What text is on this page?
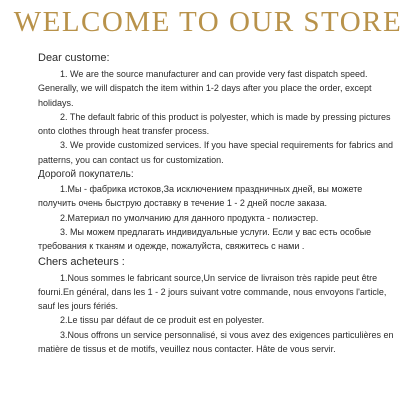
WELCOME TO OUR STORE

Dear custome:

1. We are the source manufacturer and can provide very fast dispatch speed. Generally, we will dispatch the item within 1-2 days after you place the order, except holidays.

2. The default fabric of this product is polyester, which is made by pressing pictures onto clothes through heat transfer process.

3. We provide customized services. If you have special requirements for fabrics and patterns, you can contact us for customization.

Дорогой покупатель:

1.Мы - фабрика истоков,За исключением праздничных дней, вы можете получить очень быструю доставку в течение 1 - 2 дней после заказа.

2.Материал по умолчанию для данного продукта - полиэстер.

3. Мы можем предлагать индивидуальные услуги. Если у вас есть особые требования к тканям и одежде, пожалуйста, свяжитесь с нами .

Chers acheteurs :

1.Nous sommes le fabricant source,Un service de livraison très rapide peut être fourni.En général, dans les 1 - 2 jours suivant votre commande, nous envoyons l'article, sauf les jours fériés.

2.Le tissu par défaut de ce produit est en polyester.

3.Nous offrons un service personnalisé, si vous avez des exigences particulières en matière de tissus et de motifs, veuillez nous contacter. Hâte de vous servir.
